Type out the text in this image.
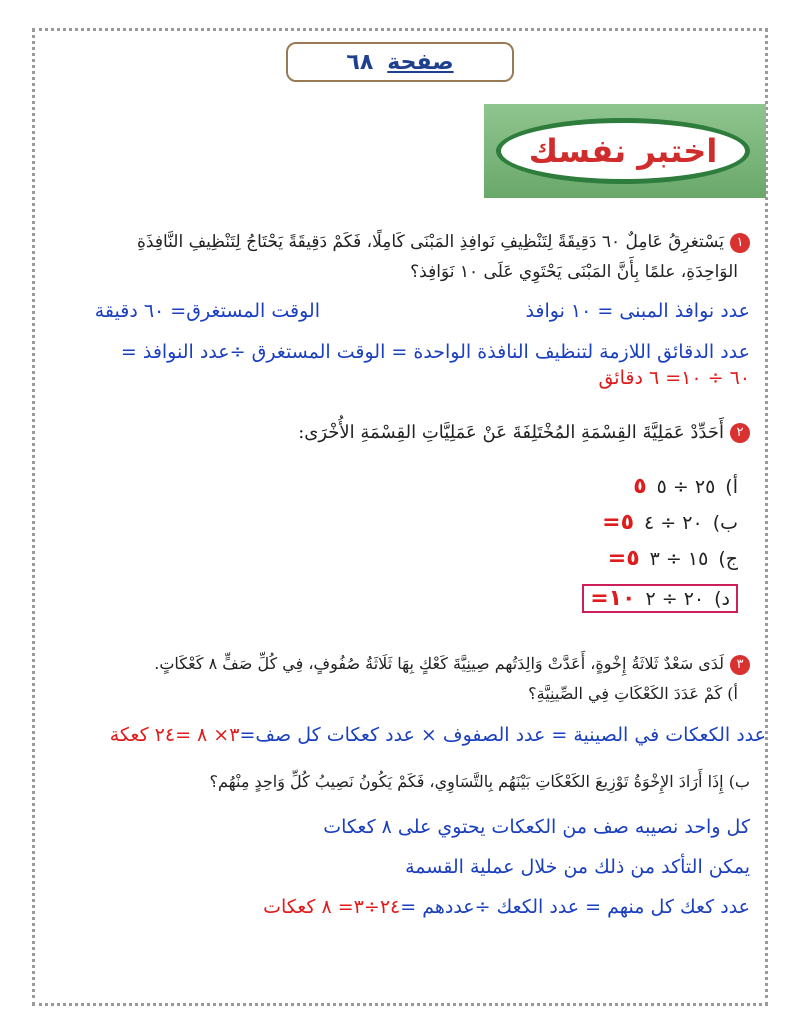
صفحة
٦٨
اختبر نفسك
١يَسْتغرِقُ عَامِلٌ ٦٠ دَقِيقَةً لِتَنْظِيفِ نَوافِذِ المَبْنَى كَامِلًا، فَكَمْ دَقِيقَةً يَحْتَاجُ لِتَنْظِيفِ النَّافِذَةِ
الوَاحِدَةِ، علمًا بِأَنَّ المَبْنَى يَحْتَوِي عَلَى ١٠ نَوَافِذ؟
الوقت المستغرق= ٦٠ دقيقة	عدد نوافذ المبنى = ١٠ نوافذ
عدد الدقائق اللازمة لتنظيف النافذة الواحدة = الوقت المستغرق ÷عدد النوافذ =
٦٠ ÷ ١٠= ٦ دقائق
٢أَحَدِّدْ عَمَلِيَّةَ القِسْمَةِ المُخْتَلِفَةَ عَنْ عَمَلِيَّاتِ القِسْمَةِ الأُخْرَى:
أ)
٢٥ ÷ ٥
٥
ب)
٢٠ ÷ ٤
٥=
ج)
١٥ ÷ ٣
٥=
د)
٢٠ ÷ ٢
١٠=
٣لَدَى سَعْدٌ ثَلاثَةُ إِخْوةٍ، أَعَدَّتْ وَالِدَتُهم صِينِيَّةَ كَعْكٍ بِهَا ثَلَاثَةُ صُفُوفٍ، فِي كُلِّ صَفٍّ ٨ كَعْكَاتٍ.
أ) كَمْ عَدَدَ الكَعْكَاتِ فِي الصِّينِيَّةِ؟
عدد الكعكات في الصينية = عدد الصفوف × عدد كعكات كل صف=٣× ٨ =٢٤ كعكة
ب) إِذَا أَرَادَ الإِخْوَةُ تَوْزِيعَ الكَعْكَاتِ بَيْنَهُم بِالتَّسَاوِي، فَكَمْ يَكُونُ نَصِيبُ كُلِّ وَاحِدٍ مِنْهُم؟
كل واحد نصيبه صف من الكعكات يحتوي على ٨ كعكات
يمكن التأكد من ذلك من خلال عملية القسمة
عدد كعك كل منهم = عدد الكعك ÷عددهم =٢٤÷٣= ٨ كعكات
